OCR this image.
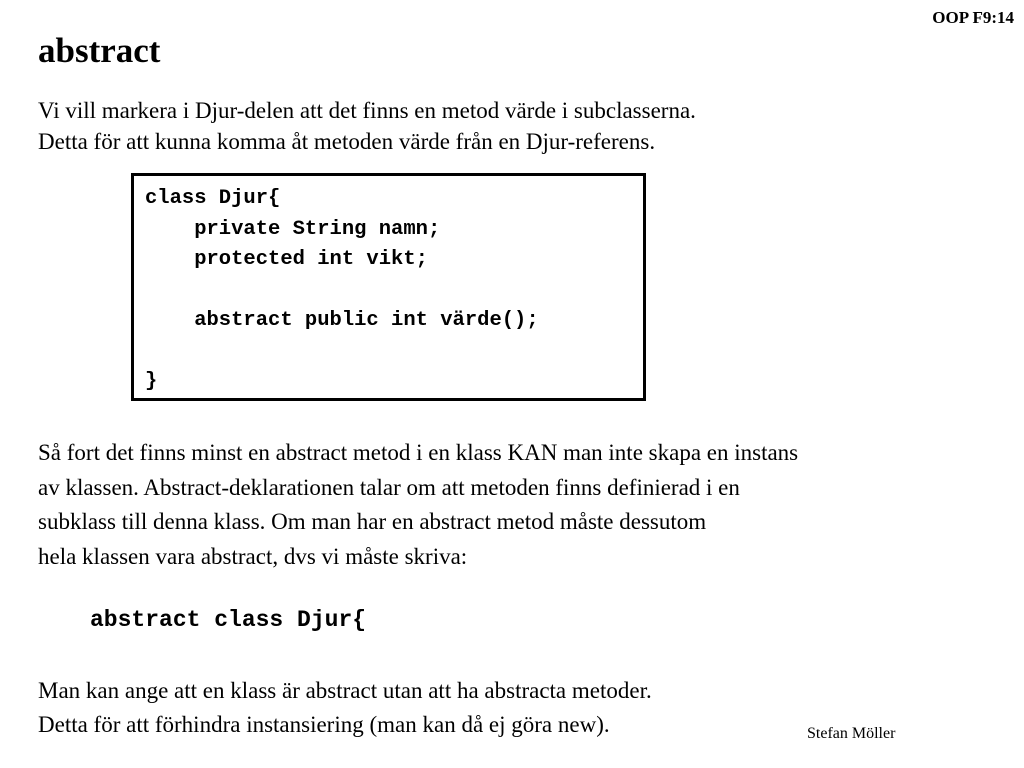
OOP F9:14
abstract
Vi vill markera i Djur-delen att det finns en metod värde i subclasserna.
Detta för att kunna komma åt metoden värde från en Djur-referens.
class Djur{
private String namn;
protected int vikt;

abstract public int värde();

}
Så fort det finns minst en abstract metod i en klass KAN man inte skapa en instans
av klassen. Abstract-deklarationen talar om att metoden finns definierad i en
subklass till denna klass. Om man har en abstract metod måste dessutom
hela klassen vara abstract, dvs vi måste skriva:
abstract class Djur{
Man kan ange att en klass är abstract utan att ha abstracta metoder.
Detta för att förhindra instansiering (man kan då ej göra new).	Stefan Möller
